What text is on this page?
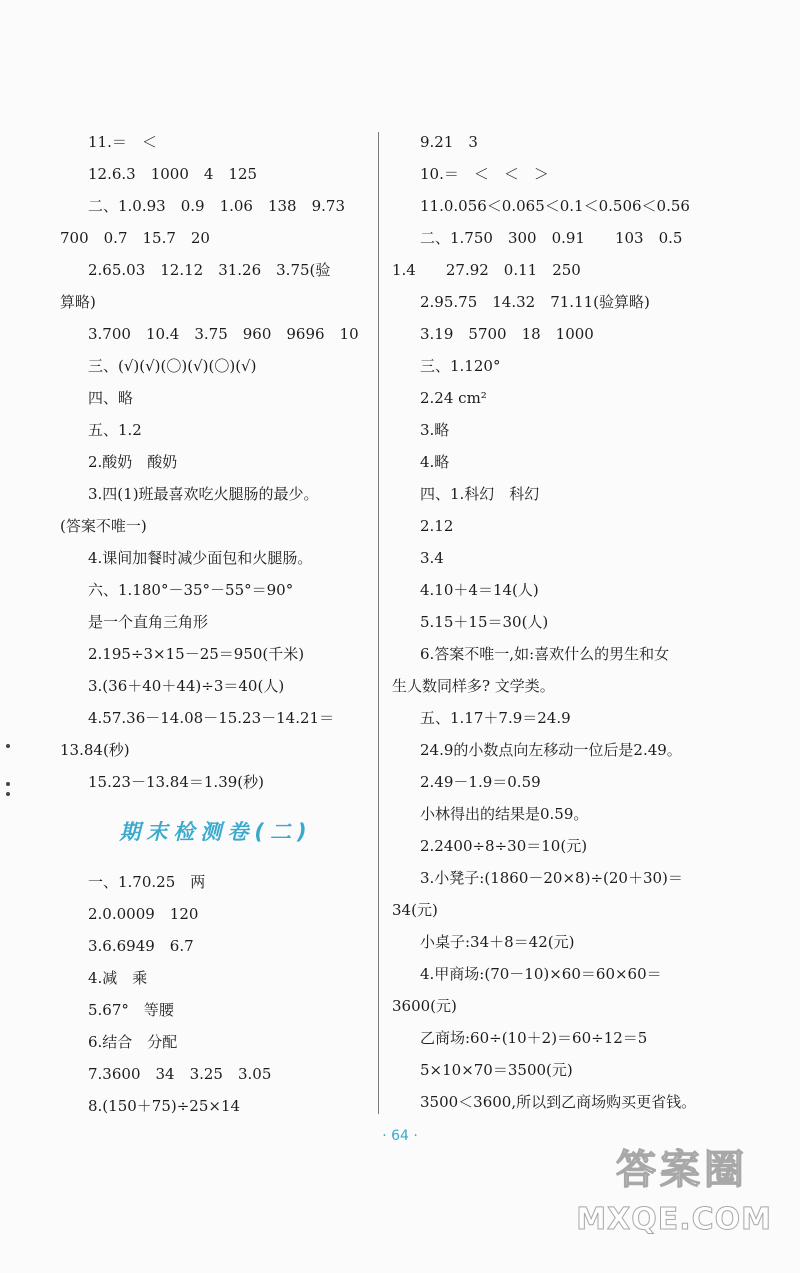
11.＝　＜
12.6.3　1000　4　125
二、1.0.93　0.9　1.06　138　9.73
700　0.7　15.7　20
2.65.03　12.12　31.26　3.75(验
算略)
3.700　10.4　3.75　960　9696　10
三、(√)(√)(〇)(√)(〇)(√)
四、略
五、1.2
2.酸奶　酸奶
3.四(1)班最喜欢吃火腿肠的最少。
(答案不唯一)
4.课间加餐时减少面包和火腿肠。
六、1.180°－35°－55°＝90°
是一个直角三角形
2.195÷3×15－25＝950(千米)
3.(36＋40＋44)÷3＝40(人)
4.57.36－14.08－15.23－14.21＝
13.84(秒)
15.23－13.84＝1.39(秒)
期末检测卷(二)
一、1.70.25　两
2.0.0009　120
3.6.6949　6.7
4.减　乘
5.67°　等腰
6.结合　分配
7.3600　34　3.25　3.05
8.(150＋75)÷25×14
9.21　3
10.＝　＜　＜　＞
11.0.056＜0.065＜0.1＜0.506＜0.56
二、1.750　300　0.91　　103　0.5
1.4　　27.92　0.11　250
2.95.75　14.32　71.11(验算略)
3.19　5700　18　1000
三、1.120°
2.24 cm²
3.略
4.略
四、1.科幻　科幻
2.12
3.4
4.10＋4＝14(人)
5.15＋15＝30(人)
6.答案不唯一,如:喜欢什么的男生和女
生人数同样多? 文学类。
五、1.17＋7.9＝24.9
24.9的小数点向左移动一位后是2.49。
2.49－1.9＝0.59
小林得出的结果是0.59。
2.2400÷8÷30＝10(元)
3.小凳子:(1860－20×8)÷(20＋30)＝
34(元)
小桌子:34＋8＝42(元)
4.甲商场:(70－10)×60＝60×60＝
3600(元)
乙商场:60÷(10＋2)＝60÷12＝5
5×10×70＝3500(元)
3500＜3600,所以到乙商场购买更省钱。
· 64 ·
答案圈
MXQE.COM
